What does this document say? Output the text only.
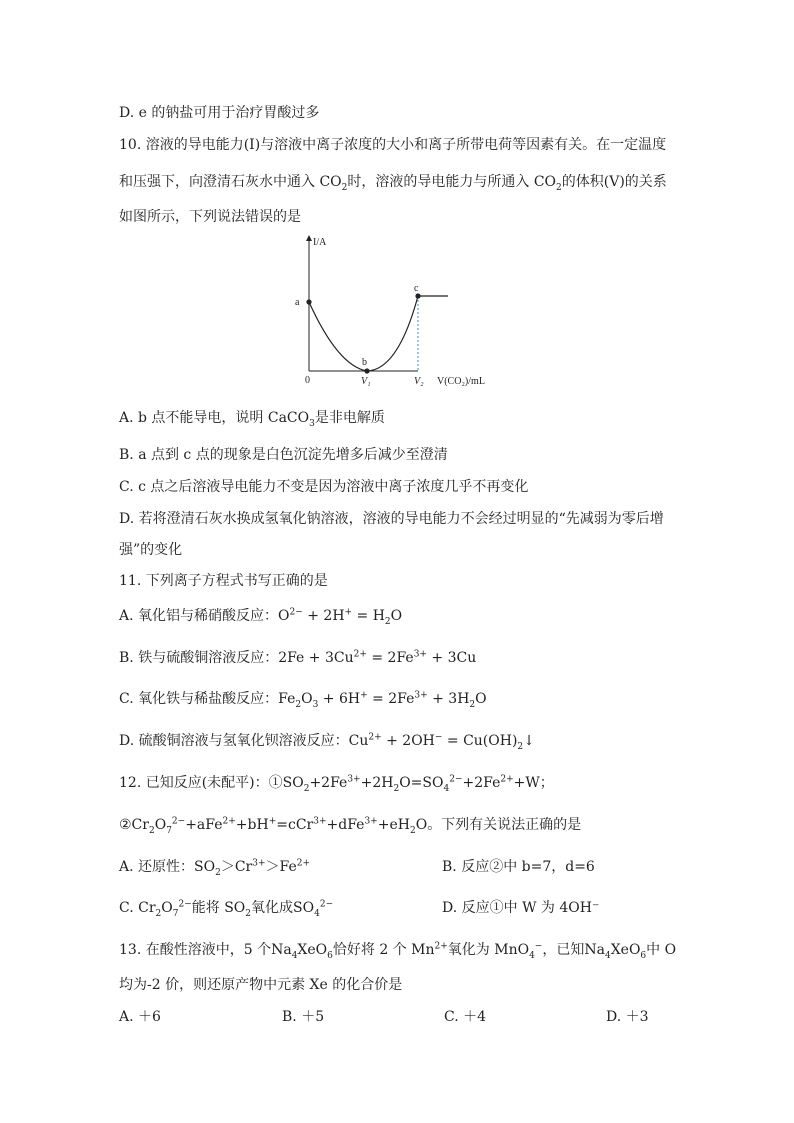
D. e 的钠盐可用于治疗胃酸过多
10. 溶液的导电能力(I)与溶液中离子浓度的大小和离子所带电荷等因素有关。在一定温度
和压强下，向澄清石灰水中通入 $CO_2$时，溶液的导电能力与所通入 $CO_2$的体积(V)的关系
如图所示，下列说法错误的是
I/A
a
b
c
0	V₁	V₂ V(CO₂)/mL
A. b 点不能导电，说明 CaCO$_3$是非电解质
B. a 点到 c 点的现象是白色沉淀先增多后减少至澄清
C. c 点之后溶液导电能力不变是因为溶液中离子浓度几乎不再变化
D. 若将澄清石灰水换成氢氧化钠溶液，溶液的导电能力不会经过明显的“先减弱为零后增
强”的变化
11. 下列离子方程式书写正确的是
A. 氧化铝与稀硝酸反应：$O^{2-} + 2H^+ = H_2O$
B. 铁与硫酸铜溶液反应：$2Fe + 3Cu^{2+} = 2Fe^{3+} + 3Cu$
C. 氧化铁与稀盐酸反应：$Fe_2O_3 + 6H^+ = 2Fe^{3+} + 3H_2O$
D. 硫酸铜溶液与氢氧化钡溶液反应：$Cu^{2+} + 2OH^-$ = $Cu(OH)_2↓$
12. 已知反应(未配平)：$①SO_2+2Fe^{3+}+2H_2O=SO_4^{2-}+2Fe^{2+}+W$；
$②Cr_2O_7^{2-}+aFe^{2+}+bH^+=cCr^{3+}+dFe^{3+}+eH_2O$。下列有关说法正确的是
A. 还原性：$SO_2>Cr^{3+}>Fe^{2+}$	B. 反应②中 b=7，d=6
C. $Cr_2O_7^{2-}$能将 $SO_2$氧化成$SO_4^{2-}$	D. 反应①中 W 为 4OH⁻
13. 在酸性溶液中，5 个$Na_4XeO_6$恰好将 2 个 $Mn^{2+}$氧化为 MnO$_4$−，已知$Na_4XeO_6$中 O
均为-2 价，则还原产物中元素 Xe 的化合价是
A. ＋6	B. ＋5	C. ＋4	D. ＋3
